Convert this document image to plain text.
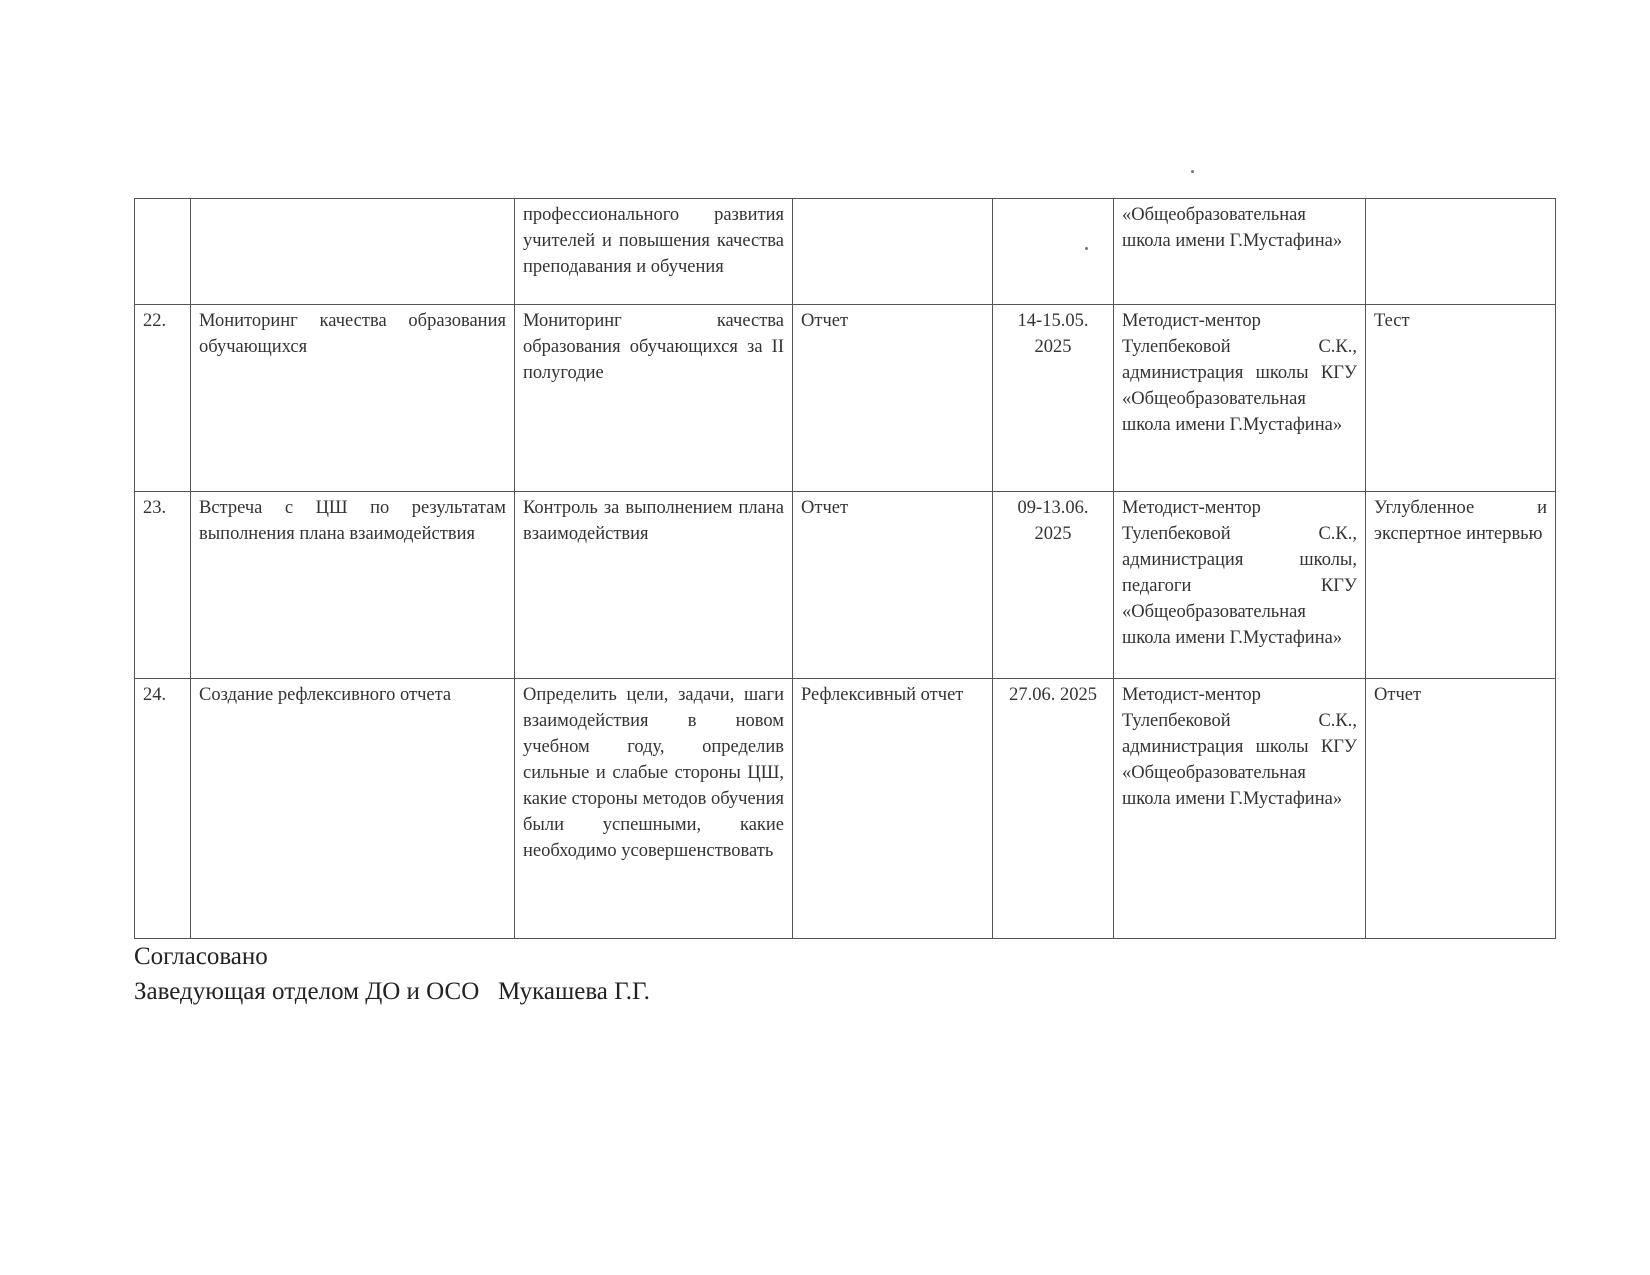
		профессионального развития учителей и повышения качества преподавания и обучения			«Общеобразовательная школа имени Г.Мустафина»	
22.	Мониторинг качества образования обучающихся	Мониторинг качества образования обучающихся за II полугодие	Отчет	14-15.05. 2025	Методист-ментор Тулепбековой С.К., администрация школы КГУ «Общеобразовательная школа имени Г.Мустафина»	Тест
23.	Встреча с ЦШ по результатам выполнения плана взаимодействия	Контроль за выполнением плана взаимодействия	Отчет	09-13.06. 2025	Методист-ментор Тулепбековой С.К., администрация школы, педагоги КГУ «Общеобразовательная школа имени Г.Мустафина»	Углубленное и экспертное интервью
24.	Создание рефлексивного отчета	Определить цели, задачи, шаги взаимодействия в новом учебном году, определив сильные и слабые стороны ЦШ, какие стороны методов обучения были успешными, какие необходимо усовершенствовать	Рефлексивный отчет	27.06. 2025	Методист-ментор Тулепбековой С.К., администрация школы КГУ «Общеобразовательная школа имени Г.Мустафина»	Отчет
Согласовано
Заведующая отделом ДО и ОСО   Мукашева Г.Г.
